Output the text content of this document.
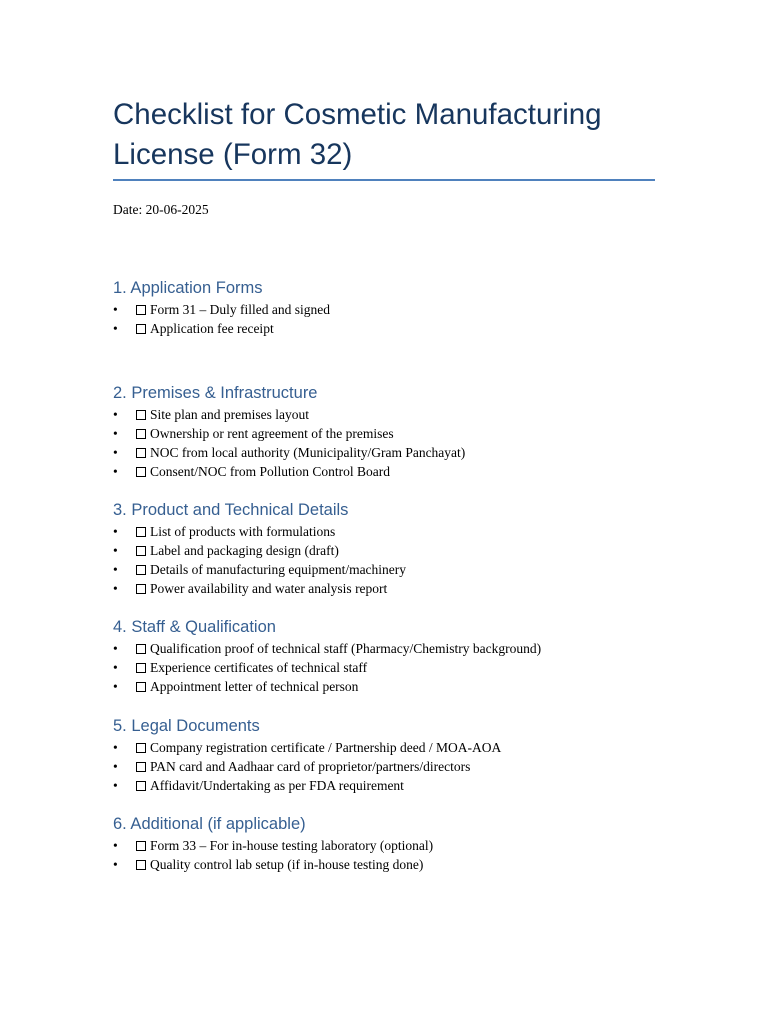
Checklist for Cosmetic Manufacturing License (Form 32)
Date: 20-06-2025
1. Application Forms
• Form 31 – Duly filled and signed
• Application fee receipt
2. Premises & Infrastructure
• Site plan and premises layout
• Ownership or rent agreement of the premises
• NOC from local authority (Municipality/Gram Panchayat)
• Consent/NOC from Pollution Control Board
3. Product and Technical Details
• List of products with formulations
• Label and packaging design (draft)
• Details of manufacturing equipment/machinery
• Power availability and water analysis report
4. Staff & Qualification
• Qualification proof of technical staff (Pharmacy/Chemistry background)
• Experience certificates of technical staff
• Appointment letter of technical person
5. Legal Documents
• Company registration certificate / Partnership deed / MOA-AOA
• PAN card and Aadhaar card of proprietor/partners/directors
• Affidavit/Undertaking as per FDA requirement
6. Additional (if applicable)
• Form 33 – For in-house testing laboratory (optional)
• Quality control lab setup (if in-house testing done)
